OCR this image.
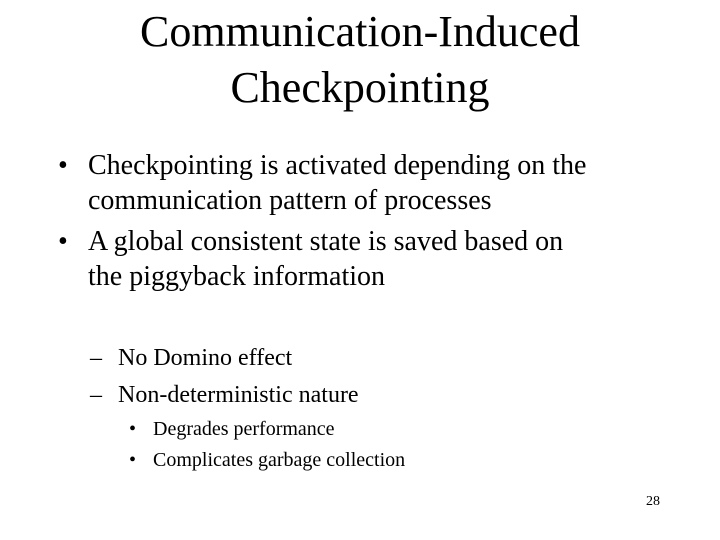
Communication-Induced
Checkpointing
• Checkpointing is activated depending on the
communication pattern of processes
• A global consistent state is saved based on
the piggyback information
– No Domino effect
– Non-deterministic nature
• Degrades performance
• Complicates garbage collection
28
